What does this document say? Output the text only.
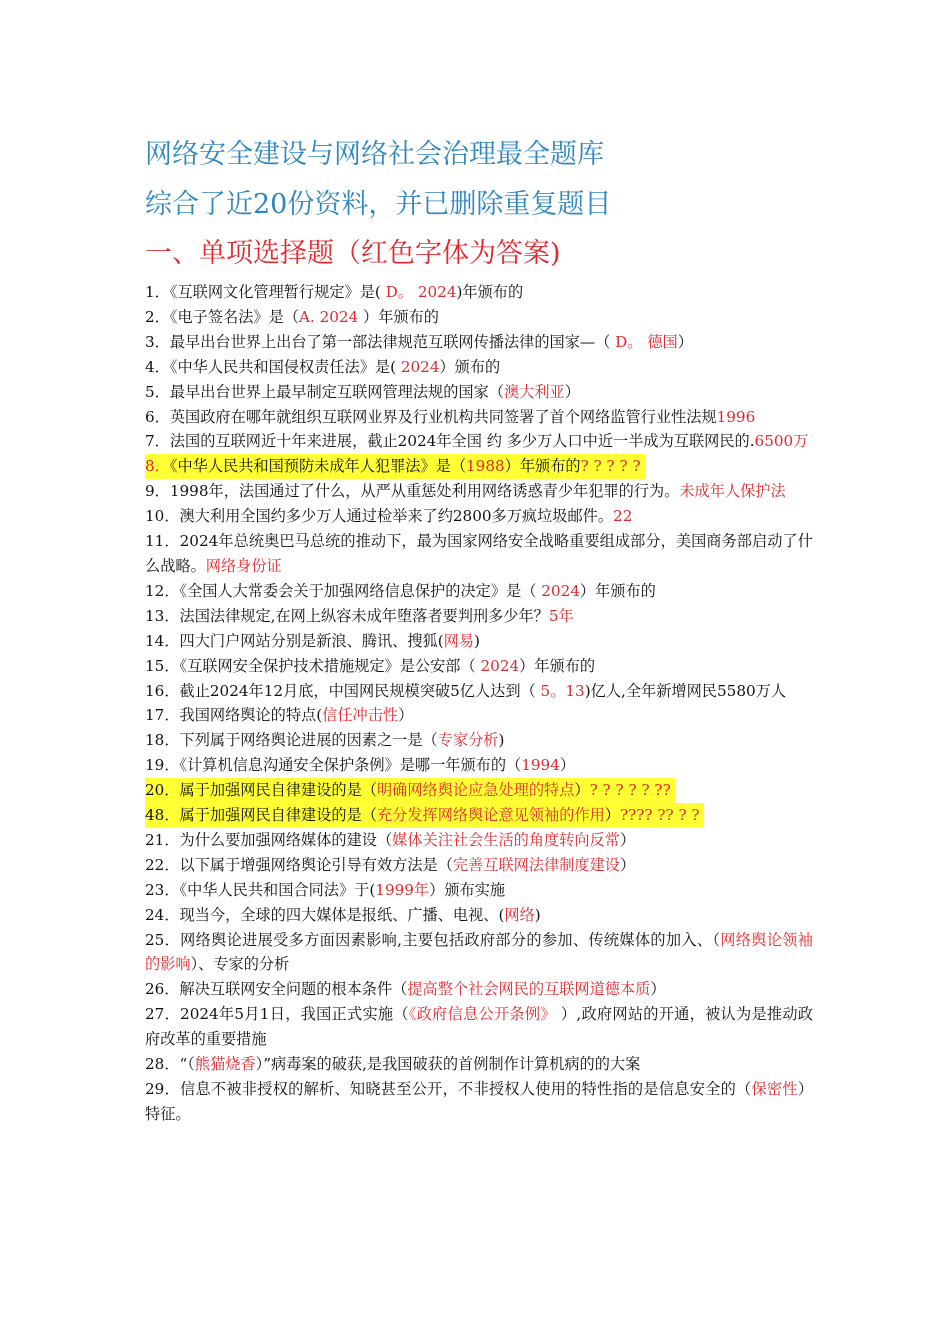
网络安全建设与网络社会治理最全题库
综合了近20份资料，并已删除重复题目
一、单项选择题（红色字体为答案)

1．《互联网文化管理暂行规定》是( D。 2024)年颁布的

2．《电子签名法》是（A. 2024 ）年颁布的

3．最早出台世界上出台了第一部法律规范互联网传播法律的国家—（ D。 德国）

4．《中华人民共和国侵权责任法》是( 2024）颁布的

5．最早出台世界上最早制定互联网管理法规的国家（澳大利亚）

6．英国政府在哪年就组织互联网业界及行业机构共同签署了首个网络监管行业性法规1996

7．法国的互联网近十年来进展，截止2024年全国 约 多少万人口中近一半成为互联网民的.6500万

8．《中华人民共和国预防未成年人犯罪法》是（1988）年颁布的? ? ? ? ?

9．1998年，法国通过了什么，从严从重惩处利用网络诱惑青少年犯罪的行为。未成年人保护法

10．澳大利用全国约多少万人通过检举来了约2800多万疯垃圾邮件。22

11．2024年总统奥巴马总统的推动下，最为国家网络安全战略重要组成部分，美国商务部启动了什么战略。网络身份证

12．《全国人大常委会关于加强网络信息保护的决定》是（ 2024）年颁布的

13．法国法律规定,在网上纵容未成年堕落者要判刑多少年？5年

14．四大门户网站分别是新浪、腾讯、搜狐(网易)

15．《互联网安全保护技术措施规定》是公安部（ 2024）年颁布的

16．截止2024年12月底，中国网民规模突破5亿人达到（ 5。13)亿人,全年新增网民5580万人

17．我国网络舆论的特点(信任冲击性）

18．下列属于网络舆论进展的因素之一是（专家分析)

19．《计算机信息沟通安全保护条例》是哪一年颁布的（1994）

20．属于加强网民自律建设的是（明确网络舆论应急处理的特点）? ? ? ? ? ??

48．属于加强网民自律建设的是（充分发挥网络舆论意见领袖的作用）???? ?? ? ?

21．为什么要加强网络媒体的建设（媒体关注社会生活的角度转向反常）

22．以下属于增强网络舆论引导有效方法是（完善互联网法律制度建设）

23．《中华人民共和国合同法》于(1999年）颁布实施

24．现当今，全球的四大媒体是报纸、广播、电视、(网络)

25．网络舆论进展受多方面因素影响,主要包括政府部分的参加、传统媒体的加入、（网络舆论领袖的影响）、专家的分析

26．解决互联网安全问题的根本条件（提高整个社会网民的互联网道德本质）

27．2024年5月1日，我国正式实施（《政府信息公开条例》 ）,政府网站的开通，被认为是推动政府改革的重要措施

28．“（熊猫烧香）”病毒案的破获,是我国破获的首例制作计算机病的的大案

29．信息不被非授权的解析、知晓甚至公开，不非授权人使用的特性指的是信息安全的（保密性）特征。
